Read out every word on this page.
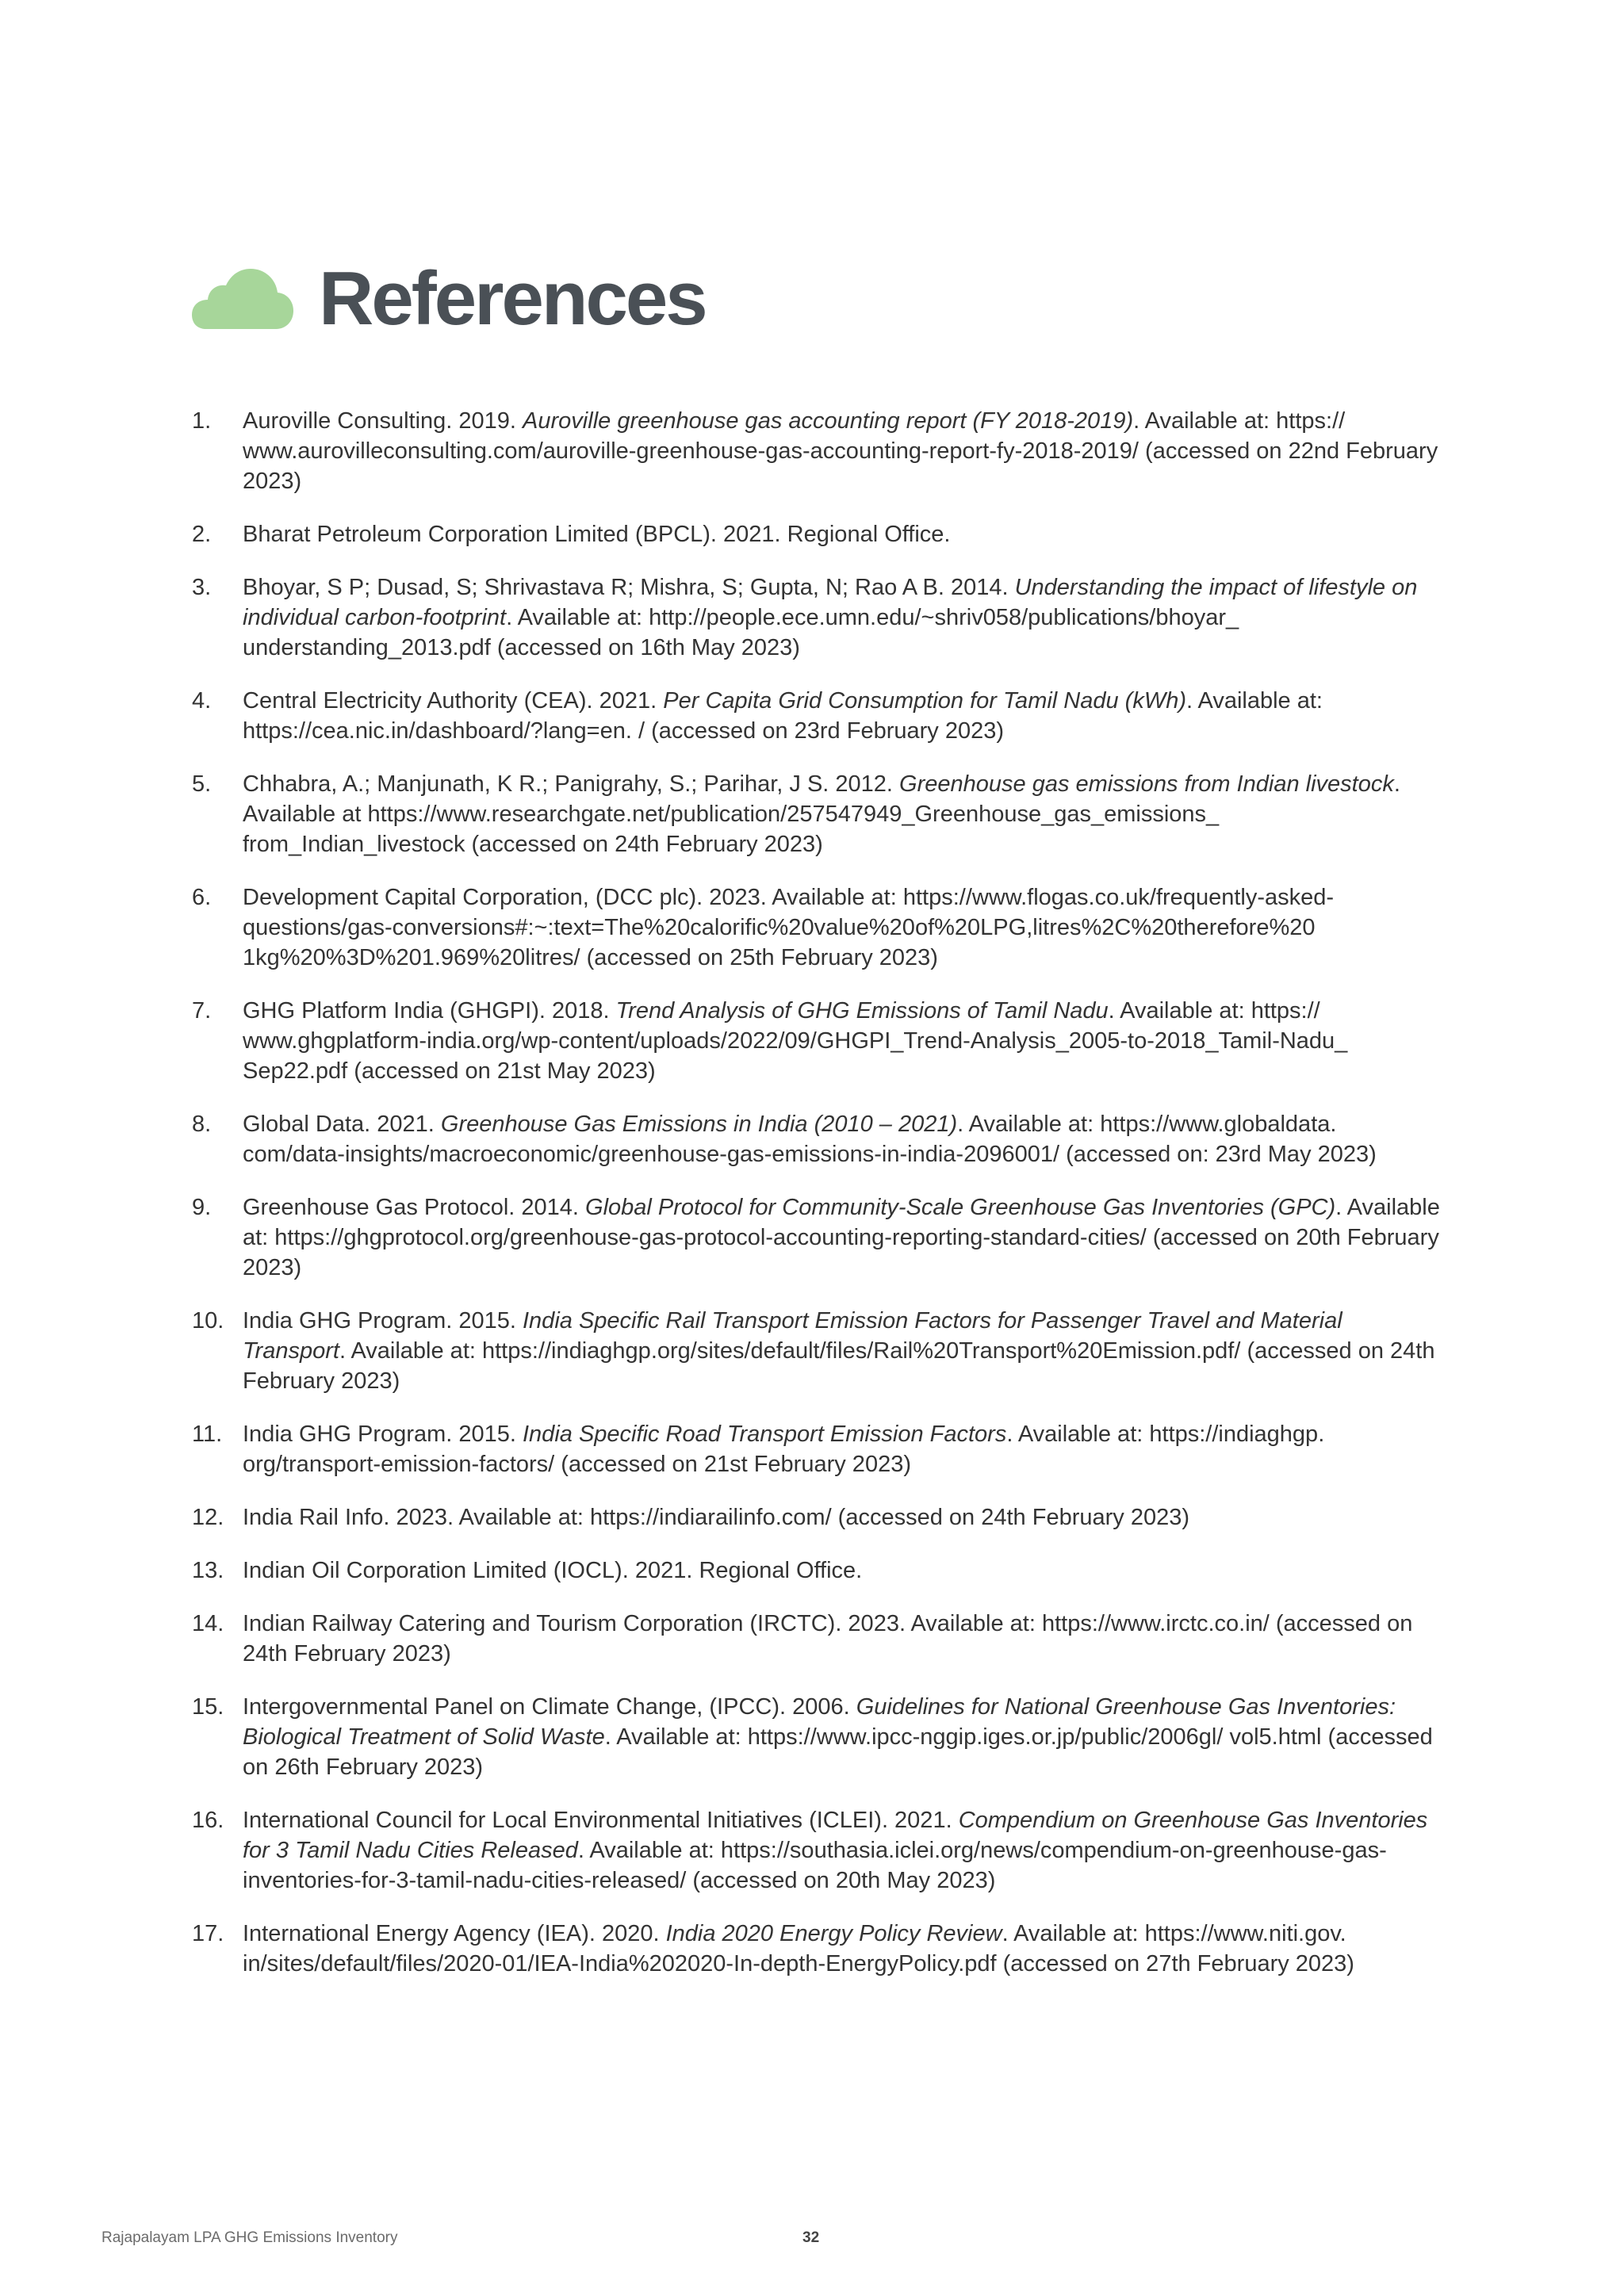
References
1.	Auroville Consulting. 2019. Auroville greenhouse gas accounting report (FY 2018-2019). Available at: https:// www.aurovilleconsulting.com/auroville-greenhouse-gas-accounting-report-fy-2018-2019/ (accessed on 22nd February 2023)
2.	Bharat Petroleum Corporation Limited (BPCL). 2021. Regional Office.
3.	Bhoyar, S P; Dusad, S; Shrivastava R; Mishra, S; Gupta, N; Rao A B. 2014. Understanding the impact of lifestyle on individual carbon-footprint. Available at: http://people.ece.umn.edu/~shriv058/publications/bhoyar_ understanding_2013.pdf (accessed on 16th May 2023)
4.	Central Electricity Authority (CEA). 2021. Per Capita Grid Consumption for Tamil Nadu (kWh). Available at: https://cea.nic.in/dashboard/?lang=en. / (accessed on 23rd February 2023)
5.	Chhabra, A.; Manjunath, K R.; Panigrahy, S.; Parihar, J S. 2012. Greenhouse gas emissions from Indian livestock. Available at https://www.researchgate.net/publication/257547949_Greenhouse_gas_emissions_ from_Indian_livestock (accessed on 24th February 2023)
6.	Development Capital Corporation, (DCC plc). 2023. Available at: https://www.flogas.co.uk/frequently-asked-questions/gas-conversions#:~:text=The%20calorific%20value%20of%20LPG,litres%2C%20therefore%20 1kg%20%3D%201.969%20litres/ (accessed on 25th February 2023)
7.	GHG Platform India (GHGPI). 2018. Trend Analysis of GHG Emissions of Tamil Nadu. Available at: https:// www.ghgplatform-india.org/wp-content/uploads/2022/09/GHGPI_Trend-Analysis_2005-to-2018_Tamil-Nadu_ Sep22.pdf (accessed on 21st May 2023)
8.	Global Data. 2021. Greenhouse Gas Emissions in India (2010 – 2021). Available at: https://www.globaldata. com/data-insights/macroeconomic/greenhouse-gas-emissions-in-india-2096001/ (accessed on: 23rd May 2023)
9.	Greenhouse Gas Protocol. 2014. Global Protocol for Community-Scale Greenhouse Gas Inventories (GPC). Available at: https://ghgprotocol.org/greenhouse-gas-protocol-accounting-reporting-standard-cities/ (accessed on 20th February 2023)
10. India GHG Program. 2015. India Specific Rail Transport Emission Factors for Passenger Travel and Material Transport. Available at: https://indiaghgp.org/sites/default/files/Rail%20Transport%20Emission.pdf/ (accessed on 24th February 2023)
11. India GHG Program. 2015. India Specific Road Transport Emission Factors. Available at: https://indiaghgp. org/transport-emission-factors/ (accessed on 21st February 2023)
12. India Rail Info. 2023. Available at: https://indiarailinfo.com/ (accessed on 24th February 2023)
13. Indian Oil Corporation Limited (IOCL). 2021. Regional Office.
14. Indian Railway Catering and Tourism Corporation (IRCTC). 2023. Available at: https://www.irctc.co.in/ (accessed on 24th February 2023)
15. Intergovernmental Panel on Climate Change, (IPCC). 2006. Guidelines for National Greenhouse Gas Inventories: Biological Treatment of Solid Waste. Available at: https://www.ipcc-nggip.iges.or.jp/public/2006gl/ vol5.html (accessed on 26th February 2023)
16. International Council for Local Environmental Initiatives (ICLEI). 2021. Compendium on Greenhouse Gas Inventories for 3 Tamil Nadu Cities Released. Available at: https://southasia.iclei.org/news/compendium-on-greenhouse-gas-inventories-for-3-tamil-nadu-cities-released/ (accessed on 20th May 2023)
17. International Energy Agency (IEA). 2020. India 2020 Energy Policy Review. Available at: https://www.niti.gov. in/sites/default/files/2020-01/IEA-India%202020-In-depth-EnergyPolicy.pdf (accessed on 27th February 2023)
Rajapalayam LPA GHG Emissions Inventory	32
